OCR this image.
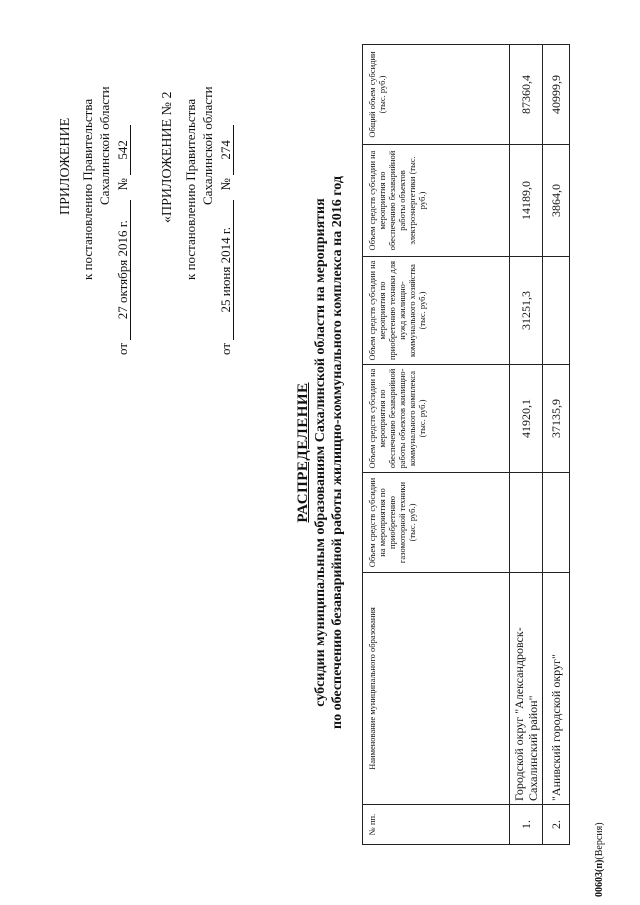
ПРИЛОЖЕНИЕ к постановлению Правительства Сахалинской области
от 27 октября 2016 г. № 542 «ПРИЛОЖЕНИЕ № 2 к постановлению Правительства Сахалинской области
от 25 июня 2014 г. № 274
РАСПРЕДЕЛЕНИЕ субсидии муниципальным образованиям Сахалинской области на мероприятия по обеспечению безаварийной работы жилищно-коммунального комплекса на 2016 год
№ пп.	Наименование муниципального образования	Объем средств субсидии на мероприятия по приобретению газомоторной техники (тыс. руб.)	Объем средств субсидии на мероприятия по обеспечению безаварийной работы объектов жилищно-коммунального комплекса (тыс. руб.)	Объем средств субсидии на мероприятия по приобретению техники для нужд жилищно-коммунального хозяйства (тыс. руб.)	Объем средств субсидии на мероприятия по обеспечению безаварийной работы объектов электроэнергетики (тыс. руб.)	Общий объем субсидии (тыс. руб.)
1.	Городской округ "Александровск-Сахалинский район"		41920,1	31251,3	14189,0	87360,4
2.	"Анивский городской округ"		37135,9		3864,0	40999,9
00603(п)(Версия)
